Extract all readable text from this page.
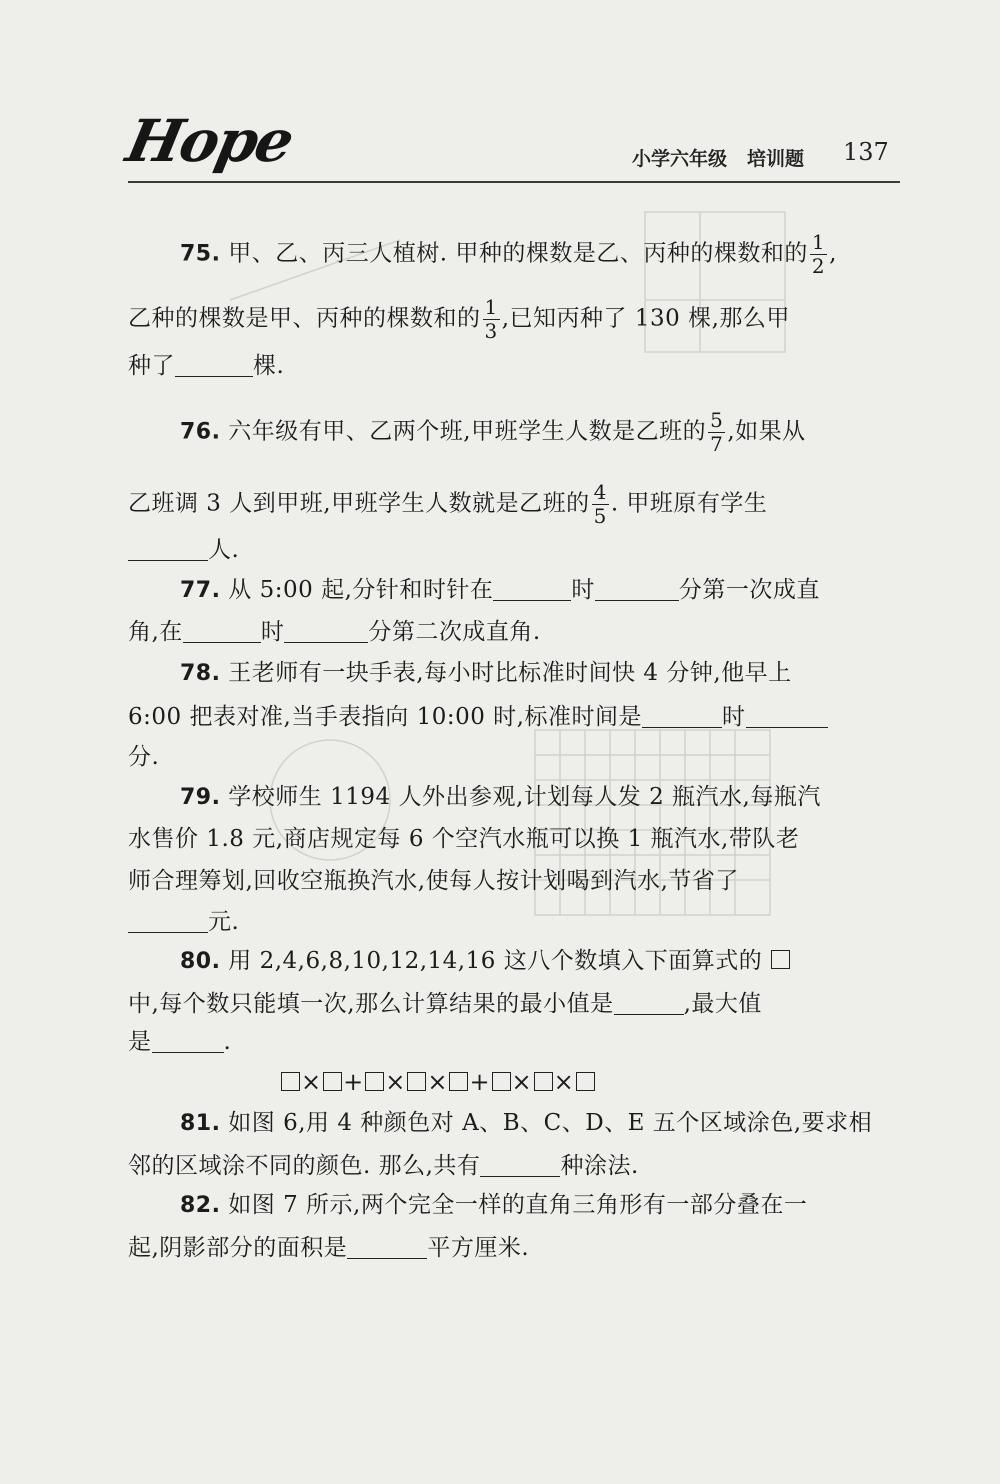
Hope	小学六年级 培训题 137
75. 甲、乙、丙三人植树. 甲种的棵数是乙、丙种的棵数和的 $\frac{1}{2}$ ,
乙种的棵数是甲、丙种的棵数和的 $\frac{1}{3}$ ,已知丙种了 130 棵,那么甲
种了	棵.
76. 六年级有甲、乙两个班,甲班学生人数是乙班的 $\frac{5}{7}$ ,如果从
乙班调 3 人到甲班,甲班学生人数就是乙班的 $\frac{4}{5}$ . 甲班原有学生
人.
77. 从 5:00 起,分针和时针在	时	分第一次成直
角,在	时	分第二次成直角.
78. 王老师有一块手表,每小时比标准时间快 4 分钟,他早上
6:00 把表对准,当手表指向 10:00 时,标准时间是	时
分.
79. 学校师生 1194 人外出参观,计划每人发 2 瓶汽水,每瓶汽
水售价 1.8 元,商店规定每 6 个空汽水瓶可以换 1 瓶汽水,带队老
师合理筹划,回收空瓶换汽水,使每人按计划喝到汽水,节省了
元.
80. 用 2,4,6,8,10,12,14,16 这八个数填入下面算式的
中,每个数只能填一次,那么计算结果的最小值是	,最大值
是	.
× + × × + × ×
81. 如图 6,用 4 种颜色对 A、B、C、D、E 五个区域涂色,要求相
邻的区域涂不同的颜色. 那么,共有	种涂法.
82. 如图 7 所示,两个完全一样的直角三角形有一部分叠在一
起,阴影部分的面积是	平方厘米.
